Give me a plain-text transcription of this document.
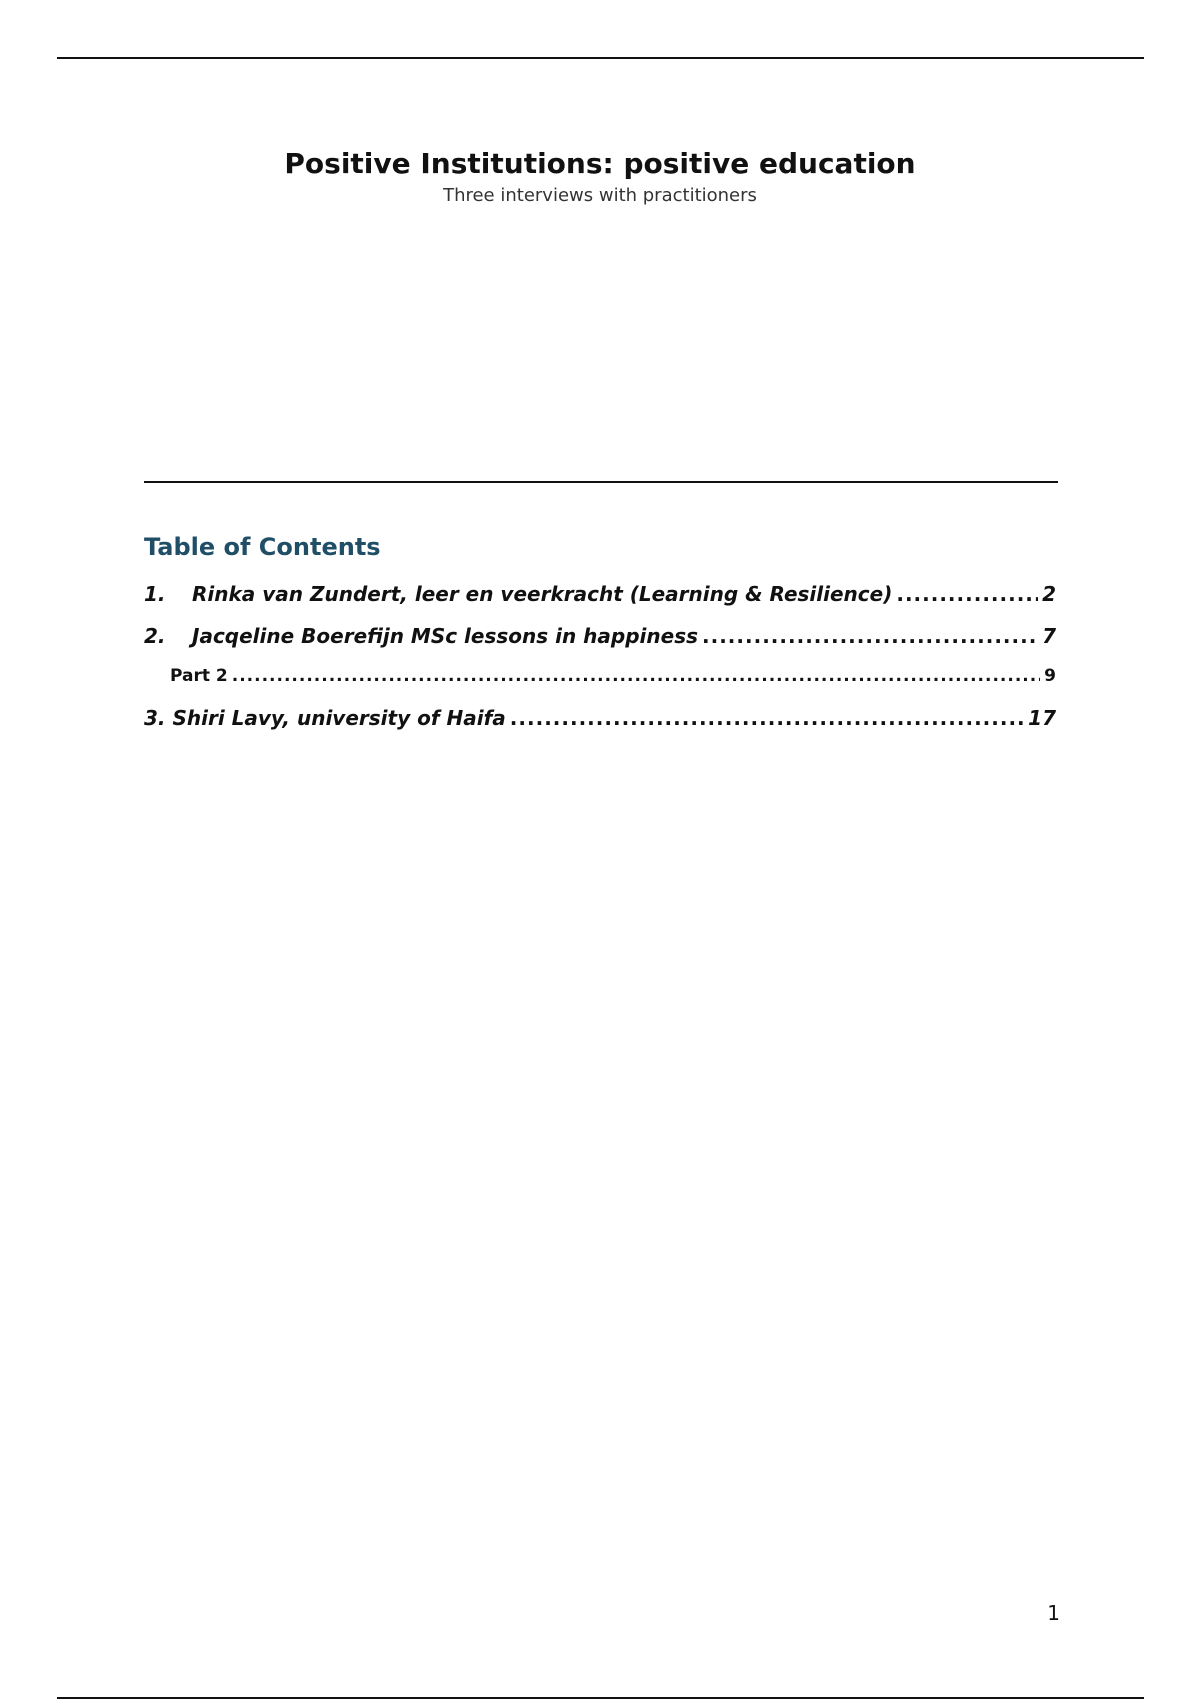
Positive Institutions: positive education

Three interviews with practitioners

Table of Contents
1.	Rinka van Zundert, leer en veerkracht (Learning & Resilience) .....	2
2.	Jacqeline Boerefijn MSc lessons in happiness .....	7
Part 2 .....	9
3. Shiri Lavy, university of Haifa .....	17
1
